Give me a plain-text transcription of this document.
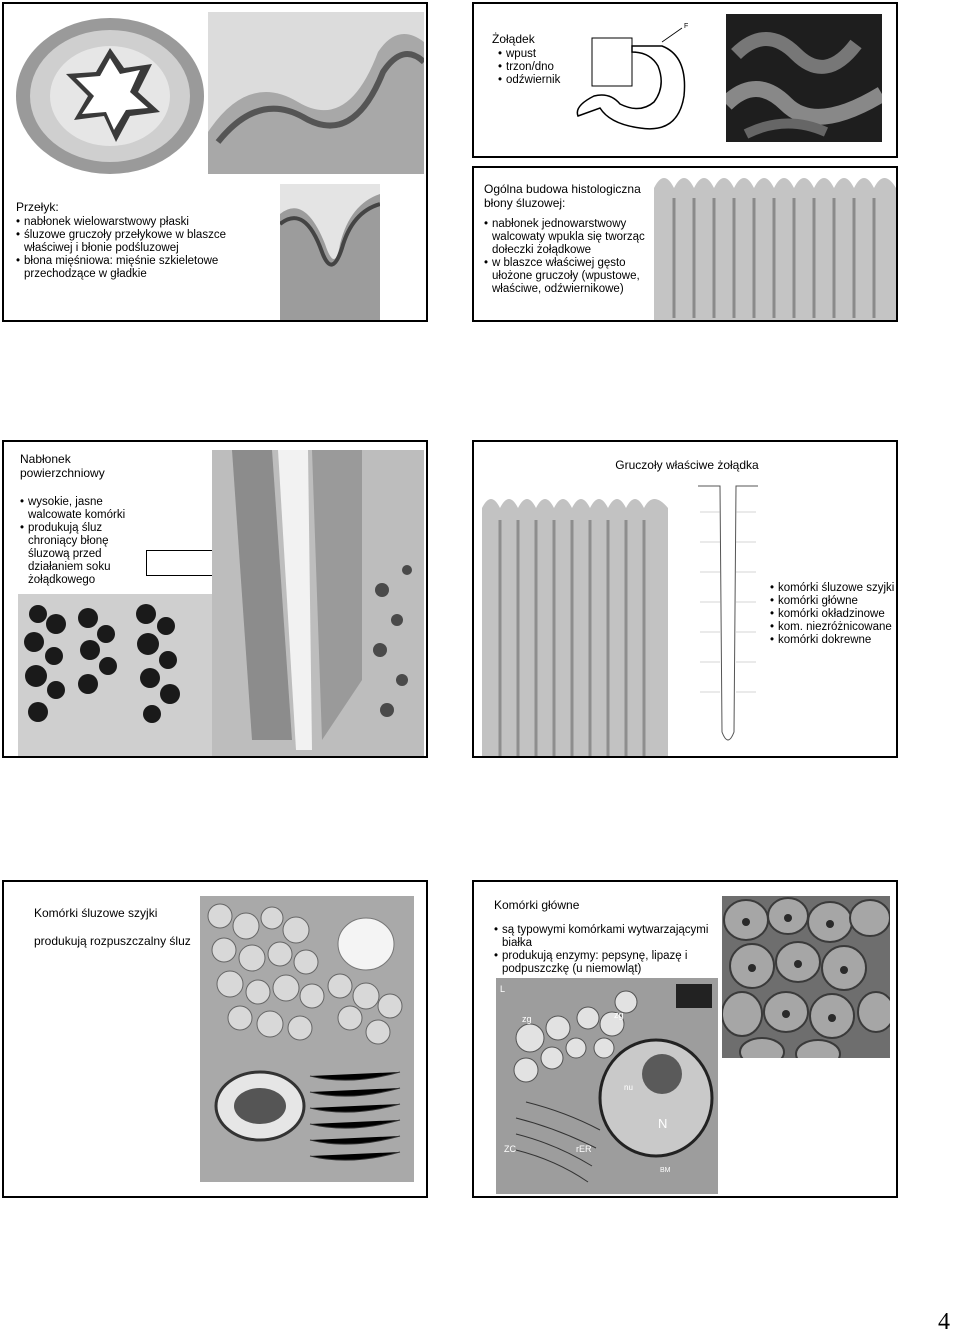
Przełyk:
• nabłonek wielowarstwowy płaski
• śluzowe gruczoły przełykowe w blaszce właściwej i błonie podśluzowej
• błona mięśniowa: mięśnie szkieletowe przechodzące w gładkie
Żołądek
• wpust
• trzon/dno
• odźwiernik
F
Ogólna budowa histologiczna błony śluzowej:
• nabłonek jednowarstwowy walcowaty wpukla się tworząc dołeczki żołądkowe
• w blaszce właściwej gęsto ułożone gruczoły (wpustowe, właściwe, odźwiernikowe)
Nabłonek powierzchniowy
• wysokie, jasne walcowate komórki
• produkują śluz chroniący błonę śluzową przed działaniem soku żołądkowego
Gruczoły właściwe żołądka
• komórki śluzowe szyjki
• komórki główne
• komórki okładzinowe
• kom. niezróżnicowane
• komórki dokrewne
Komórki śluzowe szyjki
produkują rozpuszczalny śluz
Komórki główne
• są typowymi komórkami wytwarzającymi białka
• produkują enzymy: pepsynę, lipazę i podpuszczkę (u niemowląt)
L
zg	zg
nu
N
rER
ZC
BM
4
